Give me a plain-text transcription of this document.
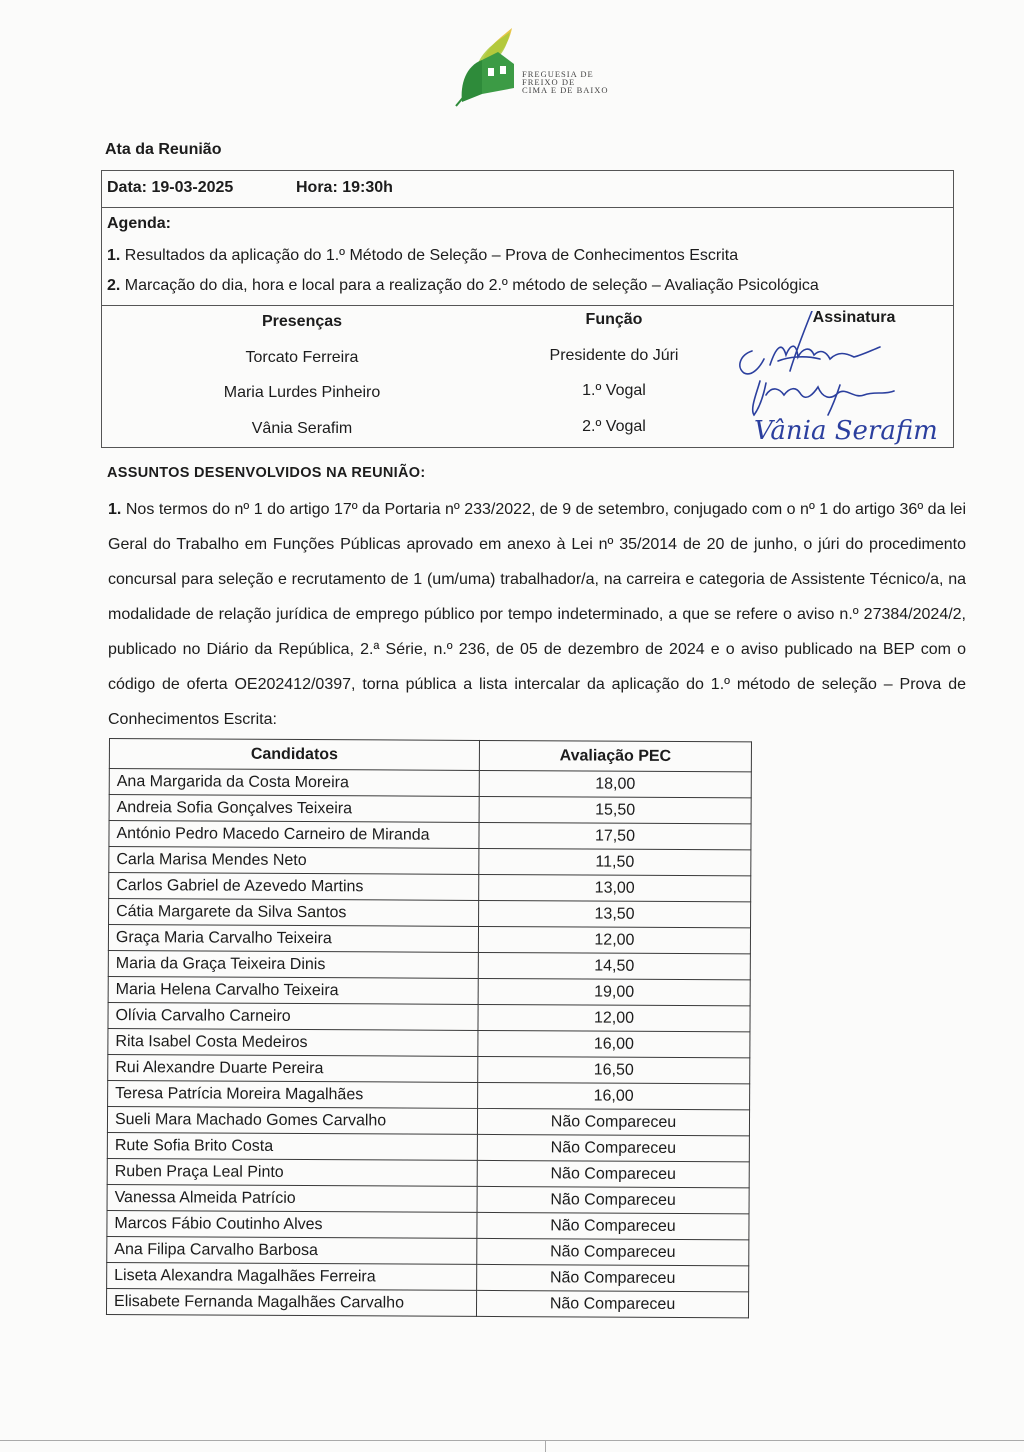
FREGUESIA DE
FREIXO DE
CIMA E DE BAIXO
Ata da Reunião
Data: 19-03-2025	Hora: 19:30h
Agenda:
1. Resultados da aplicação do 1.º Método de Seleção – Prova de Conhecimentos Escrita
2. Marcação do dia, hora e local para a realização do 2.º método de seleção – Avaliação Psicológica
Presenças	Função	Assinatura
Torcato Ferreira	Presidente do Júri
Maria Lurdes Pinheiro	1.º Vogal
Vânia Serafim	2.º Vogal	Vânia Serafim
ASSUNTOS DESENVOLVIDOS NA REUNIÃO:
1. Nos termos do nº 1 do artigo 17º da Portaria nº 233/2022, de 9 de setembro, conjugado com o nº 1 do artigo 36º da lei Geral do Trabalho em Funções Públicas aprovado em anexo à Lei nº 35/2014 de 20 de junho, o júri do procedimento concursal para seleção e recrutamento de 1 (um/uma) trabalhador/a, na carreira e categoria de Assistente Técnico/a, na modalidade de relação jurídica de emprego público por tempo indeterminado, a que se refere o aviso n.º 27384/2024/2, publicado no Diário da República, 2.ª Série, n.º 236, de 05 de dezembro de 2024 e o aviso publicado na BEP com o código de oferta OE202412/0397, torna pública a lista intercalar da aplicação do 1.º método de seleção – Prova de Conhecimentos Escrita:
Candidatos	Avaliação PEC
Ana Margarida da Costa Moreira	18,00
Andreia Sofia Gonçalves Teixeira	15,50
António Pedro Macedo Carneiro de Miranda	17,50
Carla Marisa Mendes Neto	11,50
Carlos Gabriel de Azevedo Martins	13,00
Cátia Margarete da Silva Santos	13,50
Graça Maria Carvalho Teixeira	12,00
Maria da Graça Teixeira Dinis	14,50
Maria Helena Carvalho Teixeira	19,00
Olívia Carvalho Carneiro	12,00
Rita Isabel Costa Medeiros	16,00
Rui Alexandre Duarte Pereira	16,50
Teresa Patrícia Moreira Magalhães	16,00
Sueli Mara Machado Gomes Carvalho	Não Compareceu
Rute Sofia Brito Costa	Não Compareceu
Ruben Praça Leal Pinto	Não Compareceu
Vanessa Almeida Patrício	Não Compareceu
Marcos Fábio Coutinho Alves	Não Compareceu
Ana Filipa Carvalho Barbosa	Não Compareceu
Liseta Alexandra Magalhães Ferreira	Não Compareceu
Elisabete Fernanda Magalhães Carvalho	Não Compareceu
